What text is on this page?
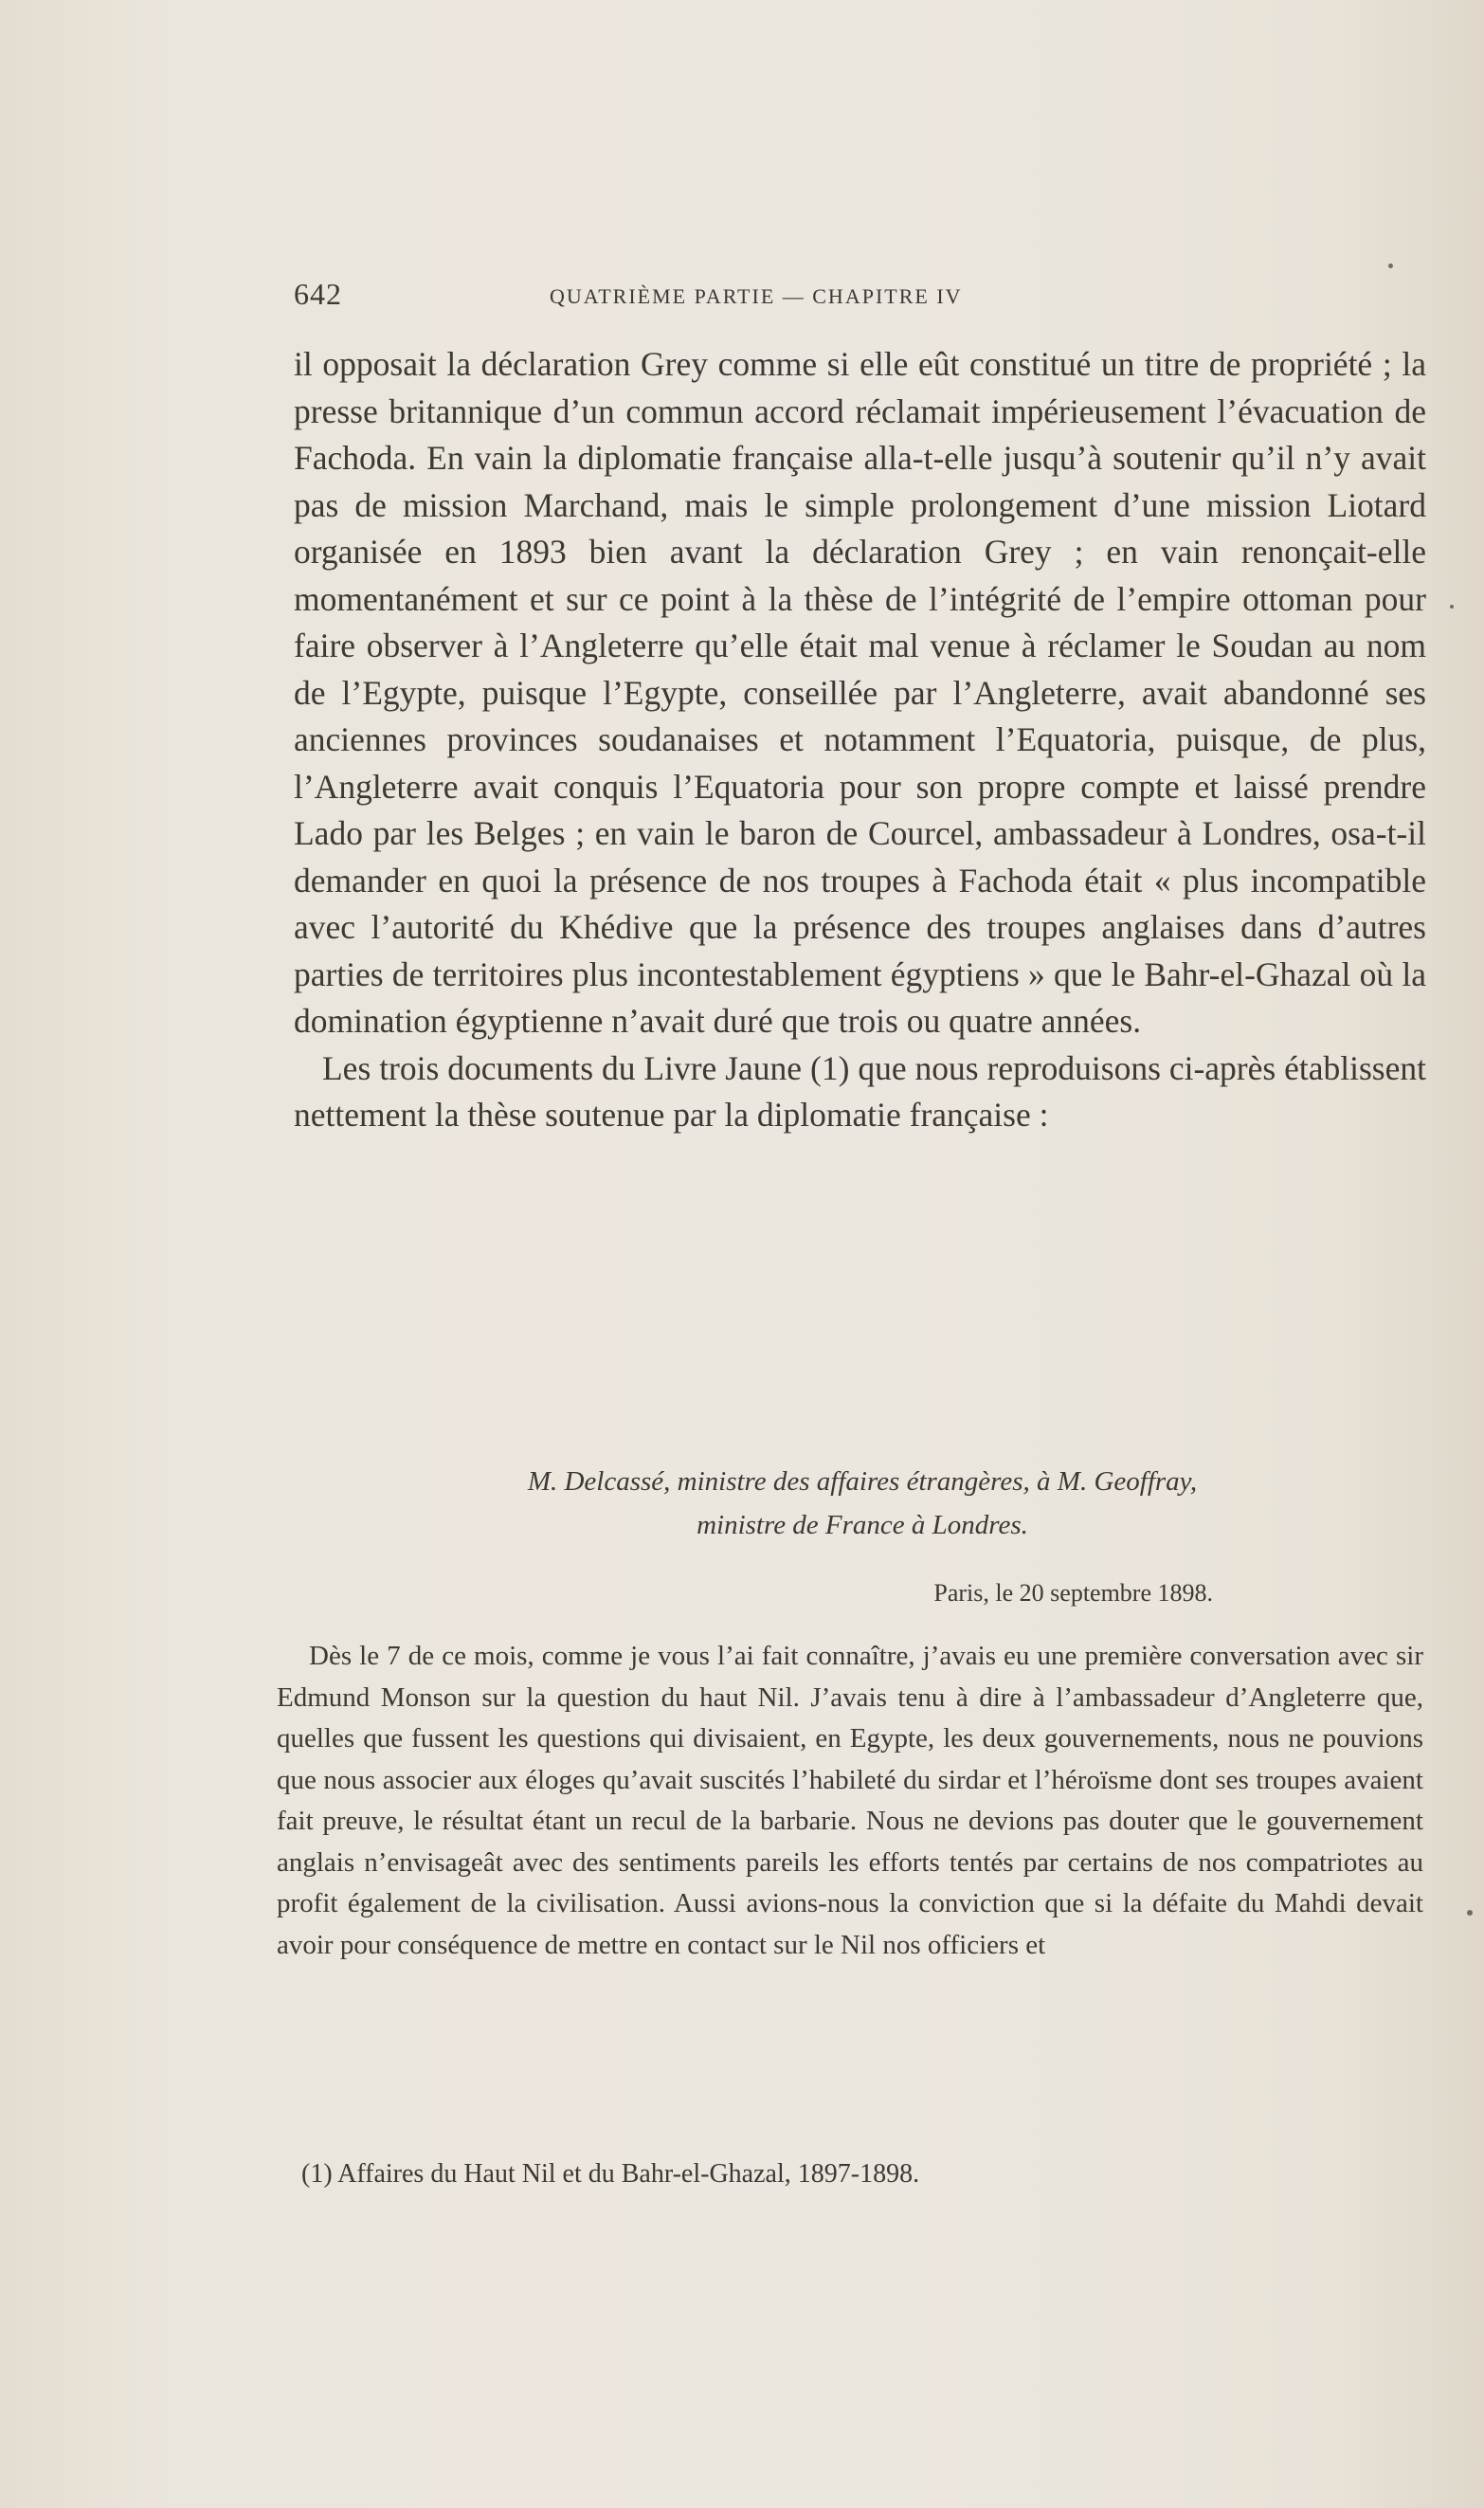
642	QUATRIÈME PARTIE — CHAPITRE IV

il opposait la déclaration Grey comme si elle eût constitué un titre de propriété ; la presse britannique d’un commun accord réclamait impérieusement l’évacuation de Fachoda. En vain la diplomatie française alla-t-elle jusqu’à soutenir qu’il n’y avait pas de mission Marchand, mais le simple prolongement d’une mission Liotard organisée en 1893 bien avant la déclaration Grey ; en vain renonçait-elle momentanément et sur ce point à la thèse de l’intégrité de l’empire ottoman pour faire observer à l’Angleterre qu’elle était mal venue à réclamer le Soudan au nom de l’Egypte, puisque l’Egypte, conseillée par l’Angleterre, avait abandonné ses anciennes provinces soudanaises et notamment l’Equatoria, puisque, de plus, l’Angleterre avait conquis l’Equatoria pour son propre compte et laissé prendre Lado par les Belges ; en vain le baron de Courcel, ambassadeur à Londres, osa-t-il demander en quoi la présence de nos troupes à Fachoda était « plus incompatible avec l’autorité du Khédive que la présence des troupes anglaises dans d’autres parties de territoires plus incontestablement égyptiens » que le Bahr-el-Ghazal où la domination égyptienne n’avait duré que trois ou quatre années.

Les trois documents du Livre Jaune (1) que nous reproduisons ci-après établissent nettement la thèse soutenue par la diplomatie française :

M. Delcassé, ministre des affaires étrangères, à M. Geoffray,
ministre de France à Londres.
Paris, le 20 septembre 1898.

Dès le 7 de ce mois, comme je vous l’ai fait connaître, j’avais eu une première conversation avec sir Edmund Monson sur la question du haut Nil. J’avais tenu à dire à l’ambassadeur d’Angleterre que, quelles que fussent les questions qui divisaient, en Egypte, les deux gouvernements, nous ne pouvions que nous associer aux éloges qu’avait suscités l’habileté du sirdar et l’héroïsme dont ses troupes avaient fait preuve, le résultat étant un recul de la barbarie. Nous ne devions pas douter que le gouvernement anglais n’envisageât avec des sentiments pareils les efforts tentés par certains de nos compatriotes au profit également de la civilisation. Aussi avions-nous la conviction que si la défaite du Mahdi devait avoir pour conséquence de mettre en contact sur le Nil nos officiers et

(1) Affaires du Haut Nil et du Bahr-el-Ghazal, 1897-1898.
